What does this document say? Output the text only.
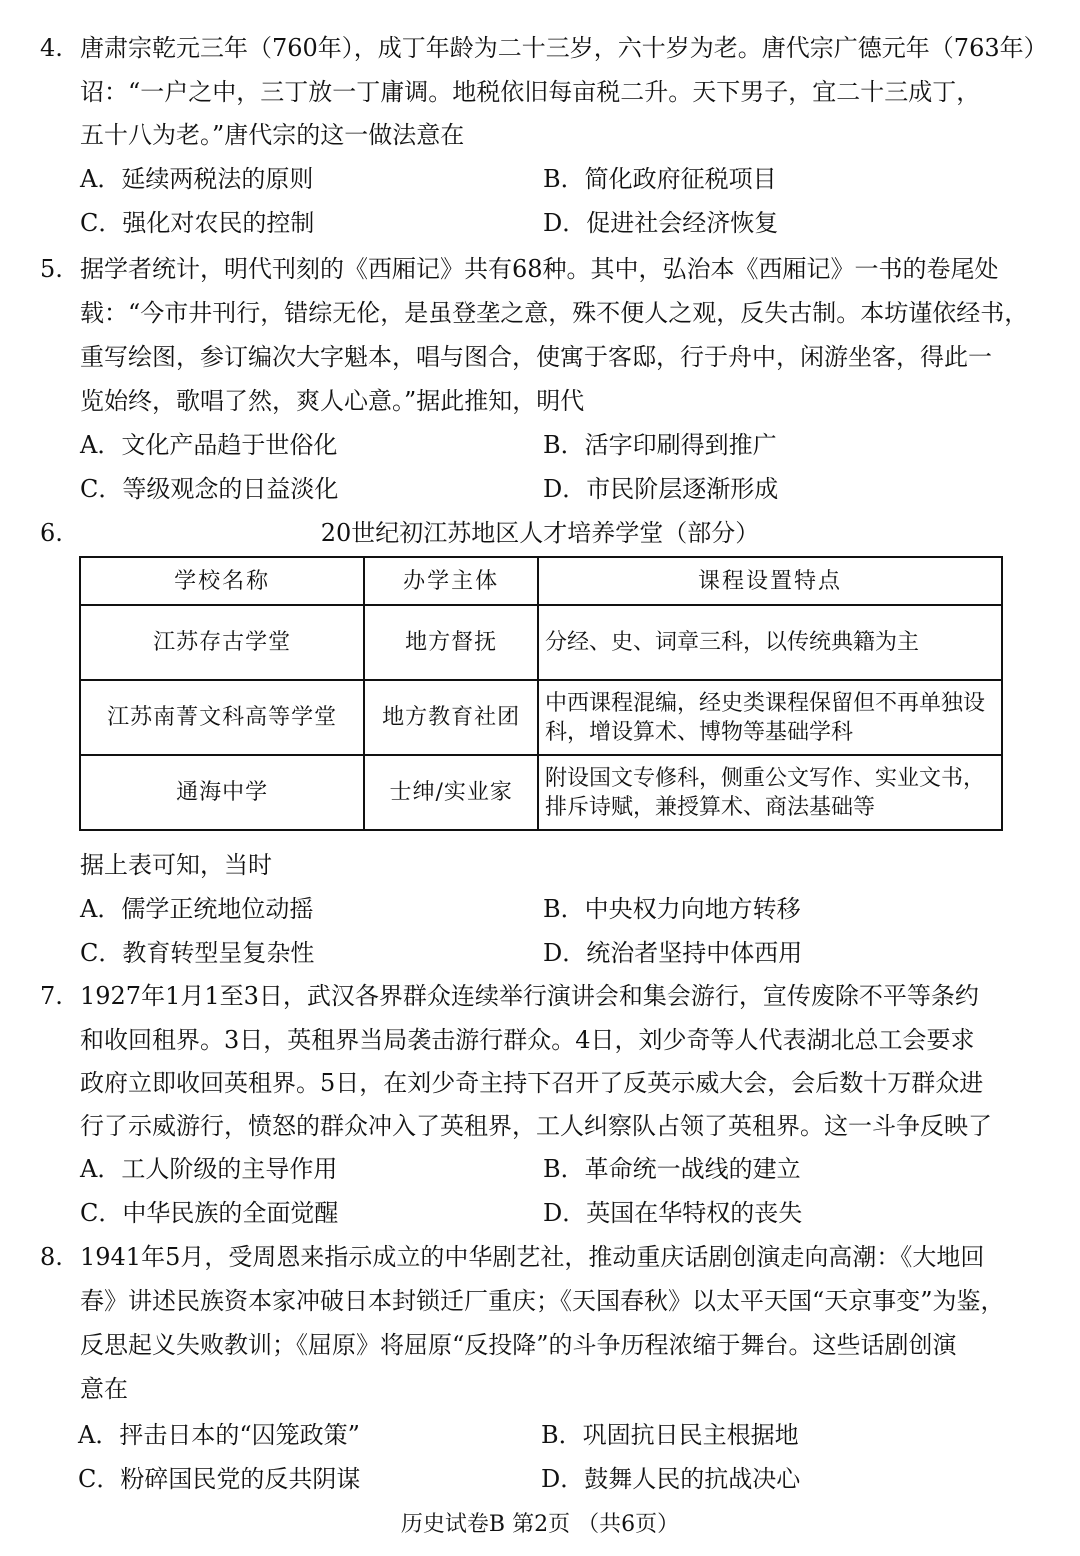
4. 唐肃宗乾元三年（760年），成丁年龄为二十三岁，六十岁为老。唐代宗广德元年（763年）
诏：“一户之中，三丁放一丁庸调。地税依旧每亩税二升。天下男子，宜二十三成丁，
五十八为老。”唐代宗的这一做法意在
A．延续两税法的原则	B．简化政府征税项目
C．强化对农民的控制	D．促进社会经济恢复
5. 据学者统计，明代刊刻的《西厢记》共有68种。其中，弘治本《西厢记》一书的卷尾处
载：“今市井刊行，错综无伦，是虽登垄之意，殊不便人之观，反失古制。本坊谨依经书，
重写绘图，参订编次大字魁本，唱与图合，使寓于客邸，行于舟中，闲游坐客，得此一
览始终，歌唱了然，爽人心意。”据此推知，明代
A．文化产品趋于世俗化	B．活字印刷得到推广
C．等级观念的日益淡化	D．市民阶层逐渐形成
6.	20世纪初江苏地区人才培养学堂（部分）
学校名称	办学主体	课程设置特点
江苏存古学堂	地方督抚	分经、史、词章三科，以传统典籍为主
江苏南菁文科高等学堂	地方教育社团	中西课程混编，经史类课程保留但不再单独设科，增设算术、博物等基础学科
通海中学	士绅/实业家	附设国文专修科，侧重公文写作、实业文书，排斥诗赋，兼授算术、商法基础等
据上表可知，当时
A．儒学正统地位动摇	B．中央权力向地方转移
C．教育转型呈复杂性	D．统治者坚持中体西用
7. 1927年1月1至3日，武汉各界群众连续举行演讲会和集会游行，宣传废除不平等条约
和收回租界。3日，英租界当局袭击游行群众。4日，刘少奇等人代表湖北总工会要求
政府立即收回英租界。5日，在刘少奇主持下召开了反英示威大会，会后数十万群众进
行了示威游行，愤怒的群众冲入了英租界，工人纠察队占领了英租界。这一斗争反映了
A．工人阶级的主导作用	B．革命统一战线的建立
C．中华民族的全面觉醒	D．英国在华特权的丧失
8. 1941年5月，受周恩来指示成立的中华剧艺社，推动重庆话剧创演走向高潮：《大地回
春》讲述民族资本家冲破日本封锁迁厂重庆；《天国春秋》以太平天国“天京事变”为鉴，
反思起义失败教训；《屈原》将屈原“反投降”的斗争历程浓缩于舞台。这些话剧创演
意在
A．抨击日本的“囚笼政策”	B．巩固抗日民主根据地
C．粉碎国民党的反共阴谋	D．鼓舞人民的抗战决心
历史试卷B 第2页 （共6页）
